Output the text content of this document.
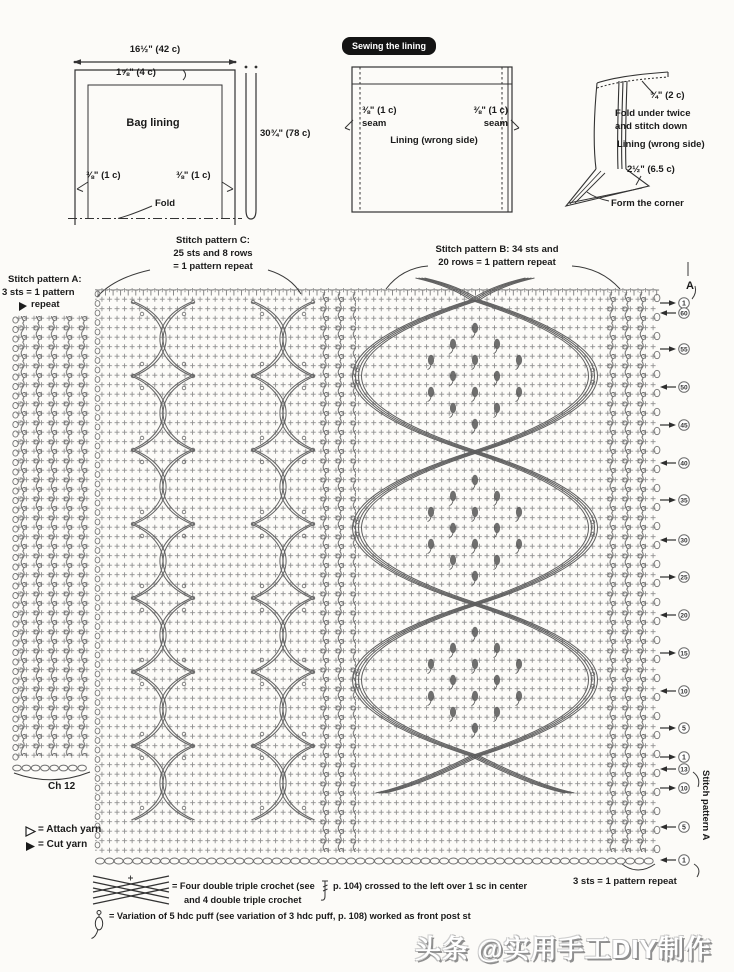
1
60
55
50
45
40
35
30
25
20
15
10
5
1
13
10
5
1
16½" (42 c)
1⅝" (4 c)
Bag lining
30¾" (78 c)
⅜" (1 c)	⅜" (1 c)
Fold
Sewing the lining
⅜" (1 c)
seam
⅜" (1 c)
seam
Lining (wrong side)
¾" (2 c)
Fold under twice
and stitch down
Lining (wrong side)
2½" (6.5 c)
Form the corner
Stitch pattern A:
3 sts = 1 pattern
repeat
Stitch pattern C:
25 sts and 8 rows
= 1 pattern repeat
Stitch pattern B: 34 sts and
20 rows = 1 pattern repeat
A
Ch 12	Stitch pattern A
3 sts = 1 pattern repeat
= Attach yarn
= Cut yarn
= Four double triple crochet (see p. 104) crossed to the left over 1 sc in center
and 4 double triple crochet
= Variation of 5 hdc puff (see variation of 3 hdc puff, p. 108) worked as front post st
头条 @实用手工DIY制作
